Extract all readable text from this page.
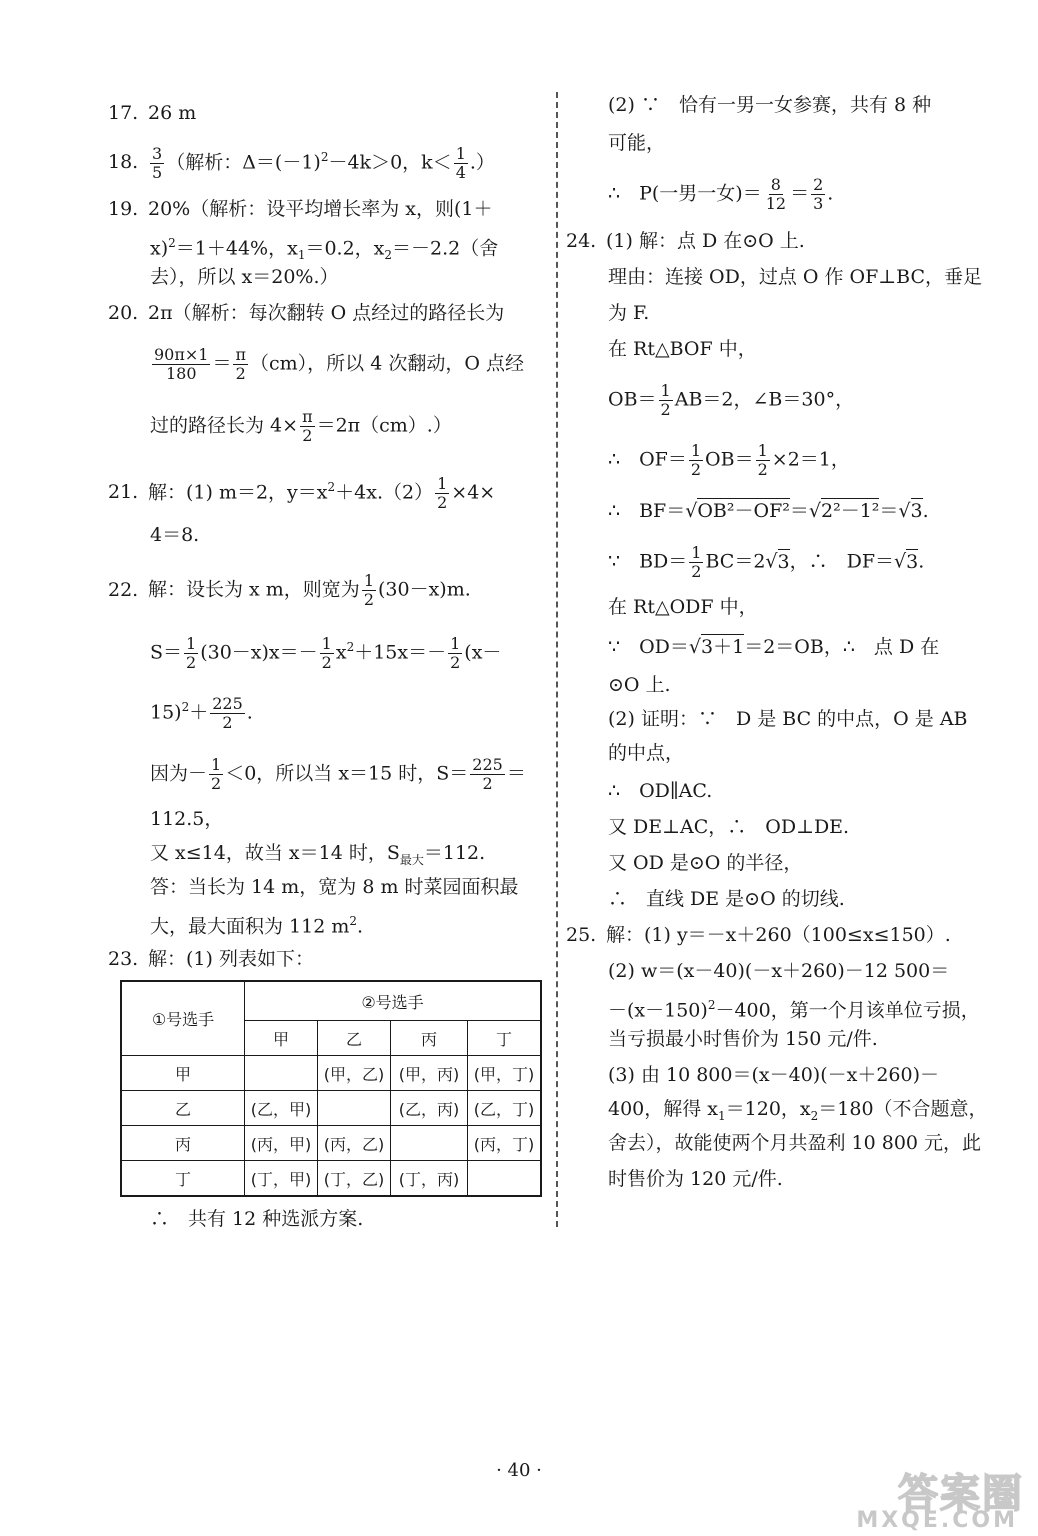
17. 26 m
18. $\frac{3}{5}$ （解析：$\Delta=(-1)^2-4k>0$，$k< \frac{1}{4}$ .）
19. 20%（解析：设平均增长率为 x，则(1＋
x)$^2$＝1＋44%，$x_1=0.2$，$x_2=-2.2$（舍
去），所以 x＝20%.）
20. 2π（解析：每次翻转 O 点经过的路径长为
$\frac{90\pi\times 1}{180} = \frac{\pi}{2} (cm)$，所以 4 次翻动，O 点经
过的路径长为 $4\times \frac{\pi}{2} =2\pi(cm)$.）
21. 解：(1) m＝2，$y=x^2+4x.(2) \frac{1}{2} \times 4\times$
4＝8.
22. 解：设长为 x m，则宽为 $\frac{1}{2} (30-x)m$.
$S= \frac{1}{2} (30-x)x=- \frac{1}{2} x^2+15x=- \frac{1}{2} (x-$
$15)^2+ \frac{225}{2}$ .
因为－ $\frac{1}{2} <0$，所以当 x＝15 时，$S= \frac{225}{2}$ ＝
112.5，
又 x≤14，故当 x＝14 时，$S_{最大}=112$.
答：当长为 14 m，宽为 8 m 时菜园面积最
大，最大面积为 112 $m^2$.
23. 解：(1) 列表如下：
①号选手	②号选手			
	甲	乙	丙	丁
甲		(甲，乙)	(甲，丙)	(甲，丁)
乙	(乙，甲)		(乙，丙)	(乙，丁)
丙	(丙，甲)	(丙，乙)		(丙，丁)
丁	(丁，甲)	(丁，乙)	(丁，丙)	
∴　共有 12 种选派方案.
(2) ∵　恰有一男一女参赛，共有 8 种
可能，
∴　P(一男一女)＝ $\frac{8}{12} = \frac{2}{3}$ .
24. (1) 解：点 D 在⊙O 上.
理由：连接 OD，过点 O 作 OF⊥BC，垂足
为 F.
在 Rt△BOF 中，
$OB= \frac{1}{2} AB=2$，∠B＝30°，
∴　$OF= \frac{1}{2} OB= \frac{1}{2} \times 2=1$，
∴　BF＝√OB²－OF²＝√2²－1²＝√3.
∵　$BD= \frac{1}{2} BC=2√3$，∴　DF＝√3.
在 Rt△ODF 中，
∵　OD＝√3＋1＝2＝OB，∴　点 D 在
⊙O 上.
(2) 证明：∵　D 是 BC 的中点，O 是 AB
的中点，
∴　OD∥AC.
又 DE⊥AC，∴　OD⊥DE.
又 OD 是⊙O 的半径，
∴　直线 DE 是⊙O 的切线.
25. 解：(1) y＝－x＋260（100≤x≤150）.
(2) w＝(x－40)(－x＋260)－12 500＝
$-(x-150)^2-400$，第一个月该单位亏损，
当亏损最小时售价为 150 元/件.
(3) 由 10 800＝(x－40)(－x＋260)－
400，解得 $x_1=120$，$x_2=180$（不合题意，
舍去），故能使两个月共盈利 10 800 元，此
时售价为 120 元/件.
· 40 ·
答案圈
MXQE.COM
